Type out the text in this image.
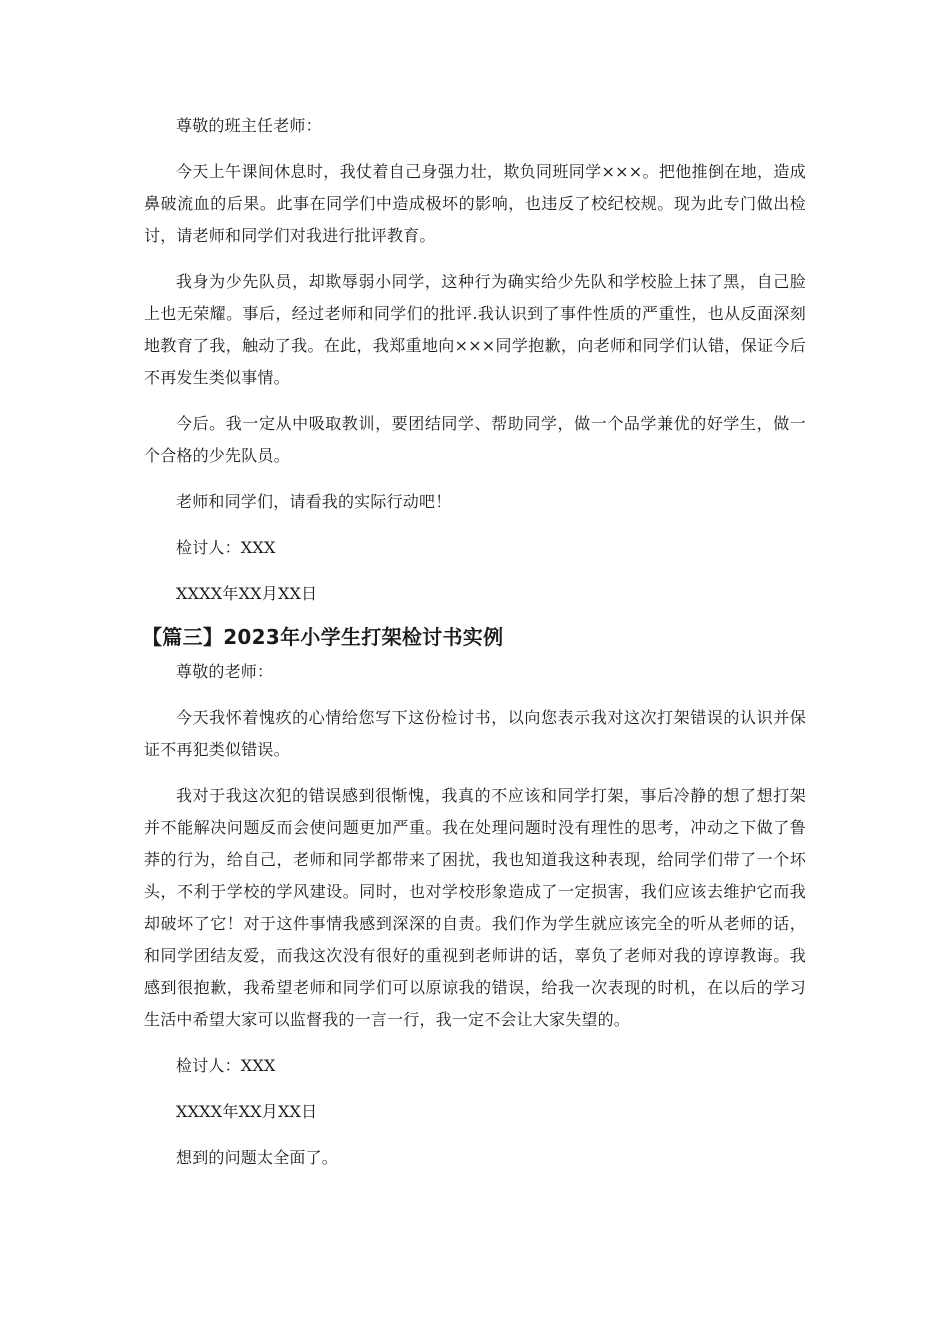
尊敬的班主任老师：

今天上午课间休息时，我仗着自己身强力壮，欺负同班同学×××。把他推倒在地，造成鼻破流血的后果。此事在同学们中造成极坏的影响，也违反了校纪校规。现为此专门做出检讨，请老师和同学们对我进行批评教育。

我身为少先队员，却欺辱弱小同学，这种行为确实给少先队和学校脸上抹了黑，自己脸上也无荣耀。事后，经过老师和同学们的批评.我认识到了事件性质的严重性，也从反面深刻地教育了我，触动了我。在此，我郑重地向×××同学抱歉，向老师和同学们认错，保证今后不再发生类似事情。

今后。我一定从中吸取教训，要团结同学、帮助同学，做一个品学兼优的好学生，做一个合格的少先队员。

老师和同学们，请看我的实际行动吧！

检讨人：XXX

XXXX年XX月XX日

【篇三】2023年小学生打架检讨书实例

尊敬的老师：

今天我怀着愧疚的心情给您写下这份检讨书，以向您表示我对这次打架错误的认识并保证不再犯类似错误。

我对于我这次犯的错误感到很惭愧，我真的不应该和同学打架，事后冷静的想了想打架并不能解决问题反而会使问题更加严重。我在处理问题时没有理性的思考，冲动之下做了鲁莽的行为，给自己，老师和同学都带来了困扰，我也知道我这种表现，给同学们带了一个坏头，不利于学校的学风建设。同时，也对学校形象造成了一定损害，我们应该去维护它而我却破坏了它！对于这件事情我感到深深的自责。我们作为学生就应该完全的听从老师的话，和同学团结友爱，而我这次没有很好的重视到老师讲的话，辜负了老师对我的谆谆教诲。我感到很抱歉，我希望老师和同学们可以原谅我的错误，给我一次表现的时机，在以后的学习生活中希望大家可以监督我的一言一行，我一定不会让大家失望的。

检讨人：XXX

XXXX年XX月XX日

想到的问题太全面了。
